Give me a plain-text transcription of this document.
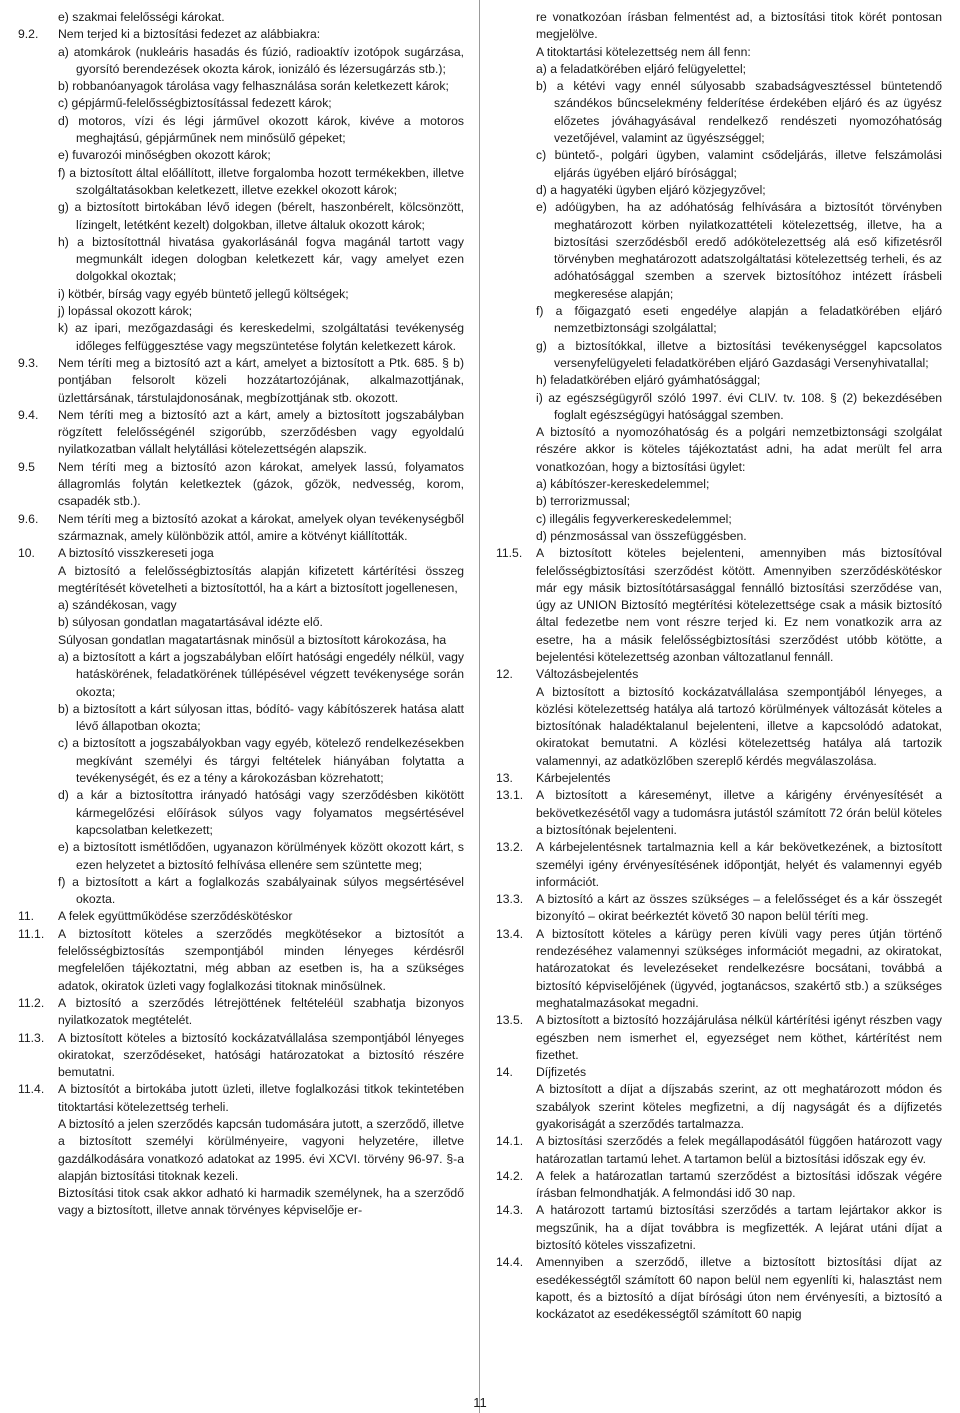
e) szakmai felelősségi károkat.
9.2.	Nem terjed ki a biztosítási fedezet az alábbiakra:
a) atomkárok (nukleáris hasadás és fúzió, radioaktív izotópok sugárzása, gyorsító berendezések okozta károk, ionizáló és lézersugárzás stb.);
b) robbanóanyagok tárolása vagy felhasználása során keletkezett károk;
c) gépjármű-felelősségbiztosítással fedezett károk;
d) motoros, vízi és légi járművel okozott károk, kivéve a motoros meghajtású, gépjárműnek nem minősülő gépeket;
e) fuvarozói minőségben okozott károk;
f) a biztosított által előállított, illetve forgalomba hozott termékekben, illetve szolgáltatásokban keletkezett, illetve ezekkel okozott károk;
g) a biztosított birtokában lévő idegen (bérelt, haszonbérelt, kölcsönzött, lízingelt, letétként kezelt) dolgokban, illetve általuk okozott károk;
h) a biztosítottnál hivatása gyakorlásánál fogva magánál tartott vagy megmunkált idegen dologban keletkezett kár, vagy amelyet ezen dolgokkal okoztak;
i) kötbér, bírság vagy egyéb büntető jellegű költségek;
j) lopással okozott károk;
k) az ipari, mezőgazdasági és kereskedelmi, szolgáltatási tevékenység időleges felfüggesztése vagy megszüntetése folytán keletkezett károk.
9.3.	Nem téríti meg a biztosító azt a kárt, amelyet a biztosított a Ptk. 685. § b) pontjában felsorolt közeli hozzátartozójának, alkalmazottjának, üzlettársának, társtulajdonosának, megbízottjának stb. okozott.
9.4.	Nem téríti meg a biztosító azt a kárt, amely a biztosított jogszabályban rögzített felelősségénél szigorúbb, szerződésben vagy egyoldalú nyilatkozatban vállalt helytállási kötelezettségén alapszik.
9.5	Nem téríti meg a biztosító azon károkat, amelyek lassú, folyamatos állagromlás folytán keletkeztek (gázok, gőzök, nedvesség, korom, csapadék stb.).
9.6.	Nem téríti meg a biztosító azokat a károkat, amelyek olyan tevékenységből származnak, amely különbözik attól, amire a kötvényt kiállították.
10.	A biztosító visszkereseti joga
A biztosító a felelősségbiztosítás alapján kifizetett kártérítési összeg megtérítését követelheti a biztosítottól, ha a kárt a biztosított jogellenesen,
a) szándékosan, vagy
b) súlyosan gondatlan magatartásával idézte elő.
Súlyosan gondatlan magatartásnak minősül a biztosított károkozása, ha
a) a biztosított a kárt a jogszabályban előírt hatósági engedély nélkül, vagy hatáskörének, feladatkörének túllépésével végzett tevékenysége során okozta;
b) a biztosított a kárt súlyosan ittas, bódító- vagy kábítószerek hatása alatt lévő állapotban okozta;
c) a biztosított a jogszabályokban vagy egyéb, kötelező rendelkezésekben megkívánt személyi és tárgyi feltételek hiányában folytatta a tevékenységét, és ez a tény a károkozásban közrehatott;
d) a kár a biztosítottra irányadó hatósági vagy szerződésben kikötött kármegelőzési előírások súlyos vagy folyamatos megsértésével kapcsolatban keletkezett;
e) a biztosított ismétlődően, ugyanazon körülmények között okozott kárt, s ezen helyzetet a biztosító felhívása ellenére sem szüntette meg;
f) a biztosított a kárt a foglalkozás szabályainak súlyos megsértésével okozta.
11.	A felek együttműködése szerződéskötéskor
11.1.	A biztosított köteles a szerződés megkötésekor a biztosítót a felelősségbiztosítás szempontjából minden lényeges kérdésről megfelelően tájékoztatni, még abban az esetben is, ha a szükséges adatok, okiratok üzleti vagy foglalkozási titoknak minősülnek.
11.2.	A biztosító a szerződés létrejöttének feltételéül szabhatja bizonyos nyilatkozatok megtételét.
11.3.	A biztosított köteles a biztosító kockázatvállalása szempontjából lényeges okiratokat, szerződéseket, hatósági határozatokat a biztosító részére bemutatni.
11.4.	A biztosítót a birtokába jutott üzleti, illetve foglalkozási titkok tekintetében titoktartási kötelezettség terheli.
A biztosító a jelen szerződés kapcsán tudomására jutott, a szerződő, illetve a biztosított személyi körülményeire, vagyoni helyzetére, illetve gazdálkodására vonatkozó adatokat az 1995. évi XCVI. törvény 96-97. §-a alapján biztosítási titoknak kezeli.
Biztosítási titok csak akkor adható ki harmadik személynek, ha a szerződő vagy a biztosított, illetve annak törvényes képviselője er-
re vonatkozóan írásban felmentést ad, a biztosítási titok körét pontosan megjelölve.
A titoktartási kötelezettség nem áll fenn:
a) a feladatkörében eljáró felügyelettel;
b) a kétévi vagy ennél súlyosabb szabadságvesztéssel büntetendő szándékos bűncselekmény felderítése érdekében eljáró és az ügyész előzetes jóváhagyásával rendelkező rendészeti nyomozóhatóság vezetőjével, valamint az ügyészséggel;
c) büntető-, polgári ügyben, valamint csődeljárás, illetve felszámolási eljárás ügyében eljáró bírósággal;
d) a hagyatéki ügyben eljáró közjegyzővel;
e) adóügyben, ha az adóhatóság felhívására a biztosítót törvényben meghatározott körben nyilatkozattételi kötelezettség, illetve, ha a biztosítási szerződésből eredő adókötelezettség alá eső kifizetésről törvényben meghatározott adatszolgáltatási kötelezettség terheli, és az adóhatósággal szemben a szervek biztosítóhoz intézett írásbeli megkeresése alapján;
f) a főigazgató eseti engedélye alapján a feladatkörében eljáró nemzetbiztonsági szolgálattal;
g) a biztosítókkal, illetve a biztosítási tevékenységgel kapcsolatos versenyfelügyeleti feladatkörében eljáró Gazdasági Versenyhivatallal;
h) feladatkörében eljáró gyámhatósággal;
i) az egészségügyről szóló 1997. évi CLIV. tv. 108. § (2) bekezdésében foglalt egészségügyi hatósággal szemben.
A biztosító a nyomozóhatóság és a polgári nemzetbiztonsági szolgálat részére akkor is köteles tájékoztatást adni, ha adat merült fel arra vonatkozóan, hogy a biztosítási ügylet:
a) kábítószer-kereskedelemmel;
b) terrorizmussal;
c) illegális fegyverkereskedelemmel;
d) pénzmosással van összefüggésben.
11.5.	A biztosított köteles bejelenteni, amennyiben más biztosítóval felelősségbiztosítási szerződést kötött. Amennyiben szerződéskötéskor már egy másik biztosítótársasággal fennálló biztosítási szerződése van, úgy az UNION Biztosító megtérítési kötelezettsége csak a másik biztosító által fedezetbe nem vont részre terjed ki. Ez nem vonatkozik arra az esetre, ha a másik felelősségbiztosítási szerződést utóbb kötötte, a bejelentési kötelezettség azonban változatlanul fennáll.
12.	Változásbejelentés
A biztosított a biztosító kockázatvállalása szempontjából lényeges, a közlési kötelezettség hatálya alá tartozó körülmények változását köteles a biztosítónak haladéktalanul bejelenteni, illetve a kapcsolódó adatokat, okiratokat bemutatni. A közlési kötelezettség hatálya alá tartozik valamennyi, az adatközlőben szereplő kérdés megválaszolása.
13.	Kárbejelentés
13.1.	A biztosított a káreseményt, illetve a kárigény érvényesítését a bekövetkezésétől vagy a tudomásra jutástól számított 72 órán belül köteles a biztosítónak bejelenteni.
13.2.	A kárbejelentésnek tartalmaznia kell a kár bekövetkezének, a biztosított személyi igény érvényesítésének időpontját, helyét és valamennyi egyéb információt.
13.3.	A biztosító a kárt az összes szükséges – a felelősséget és a kár összegét bizonyító – okirat beérkeztét követő 30 napon belül téríti meg.
13.4.	A biztosított köteles a kárügy peren kívüli vagy peres útján történő rendezéséhez valamennyi szükséges információt megadni, az okiratokat, határozatokat és levelezéseket rendelkezésre bocsátani, továbbá a biztosító képviselőjének (ügyvéd, jogtanácsos, szakértő stb.) a szükséges meghatalmazásokat megadni.
13.5.	A biztosított a biztosító hozzájárulása nélkül kártérítési igényt részben vagy egészben nem ismerhet el, egyezséget nem köthet, kártérítést nem fizethet.
14.	Díjfizetés
A biztosított a díjat a díjszabás szerint, az ott meghatározott módon és szabályok szerint köteles megfizetni, a díj nagyságát és a díjfizetés gyakoriságát a szerződés tartalmazza.
14.1.	A biztosítási szerződés a felek megállapodásától függően határozott vagy határozatlan tartamú lehet. A tartamon belül a biztosítási időszak egy év.
14.2.	A felek a határozatlan tartamú szerződést a biztosítási időszak végére írásban felmondhatják. A felmondási idő 30 nap.
14.3.	A határozott tartamú biztosítási szerződés a tartam lejártakor akkor is megszűnik, ha a díjat továbbra is megfizették. A lejárat utáni díjat a biztosító köteles visszafizetni.
14.4.	Amennyiben a szerződő, illetve a biztosított biztosítási díjat az esedékességtől számított 60 napon belül nem egyenlíti ki, halasztást nem kapott, és a biztosító a díjat bírósági úton nem érvényesíti, a biztosító a kockázatot az esedékességtől számított 60 napig
11
